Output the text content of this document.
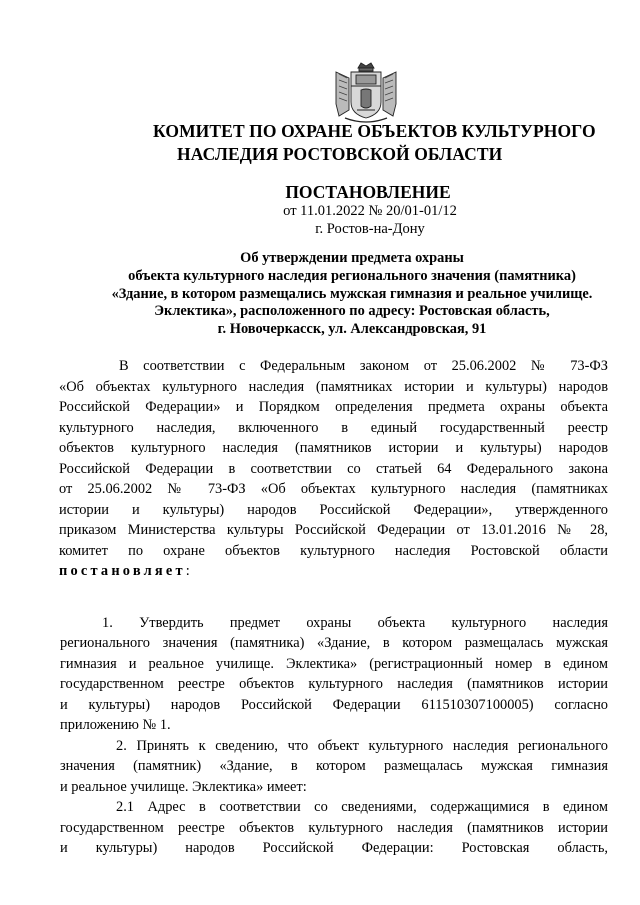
КОМИТЕТ ПО ОХРАНЕ ОБЪЕКТОВ КУЛЬТУРНОГО
НАСЛЕДИЯ РОСТОВСКОЙ ОБЛАСТИ
ПОСТАНОВЛЕНИЕ
от 11.01.2022 № 20/01-01/12
г. Ростов-на-Дону
Об утверждении предмета охраны
объекта культурного наследия регионального значения (памятника)
«Здание, в котором размещались мужская гимназия и реальное училище.
Эклектика», расположенного по адресу: Ростовская область,
г. Новочеркасск, ул. Александровская, 91
В соответствии с Федеральным законом от 25.06.2002 № 73-ФЗ
«Об объектах культурного наследия (памятниках истории и культуры) народов
Российской Федерации» и Порядком определения предмета охраны объекта
культурного наследия, включенного в единый государственный реестр
объектов культурного наследия (памятников истории и культуры) народов
Российской Федерации в соответствии со статьей 64 Федерального закона
от 25.06.2002 № 73-ФЗ «Об объектах культурного наследия (памятниках
истории и культуры) народов Российской Федерации», утвержденного
приказом Министерства культуры Российской Федерации от 13.01.2016 № 28,
комитет по охране объектов культурного наследия Ростовской области
постановляет:
1. Утвердить предмет охраны объекта культурного наследия
регионального значения (памятника) «Здание, в котором размещалась мужская
гимназия и реальное училище. Эклектика» (регистрационный номер в едином
государственном реестре объектов культурного наследия (памятников истории
и культуры) народов Российской Федерации 611510307100005) согласно
приложению № 1.
2. Принять к сведению, что объект культурного наследия регионального
значения (памятник) «Здание, в котором размещалась мужская гимназия
и реальное училище. Эклектика» имеет:
2.1 Адрес в соответствии со сведениями, содержащимися в едином
государственном реестре объектов культурного наследия (памятников истории
и культуры) народов Российской Федерации: Ростовская область,
